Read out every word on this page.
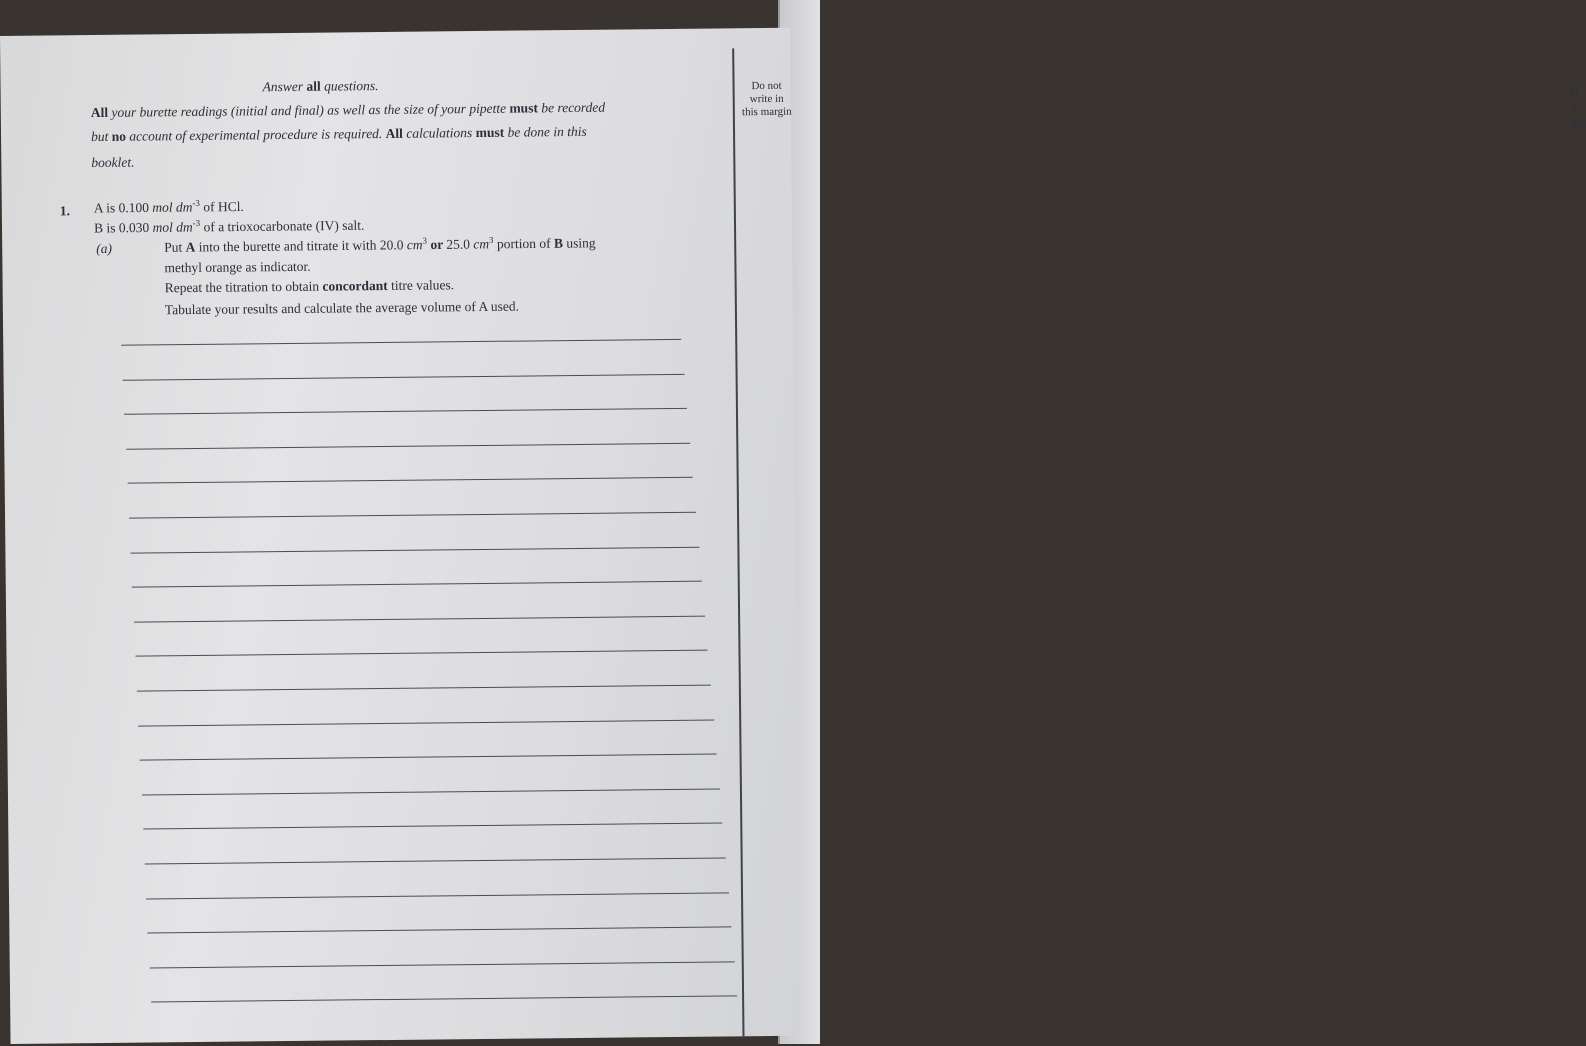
D
w
this
Do not
write in
this margin
Answer all questions.
All your burette readings (initial and final) as well as the size of your pipette must be recorded
but no account of experimental procedure is required. All calculations must be done in this
booklet.
1. A is 0.100 mol $dm^{-3}$ of HCl.
B is 0.030 mol $dm^{-3}$ of a trioxocarbonate (IV) salt.
(a)	Put A into the burette and titrate it with 20.0 $cm^3$ or 25.0 $cm^3$ portion of B using
methyl orange as indicator.
Repeat the titration to obtain concordant titre values.
Tabulate your results and calculate the average volume of A used.
